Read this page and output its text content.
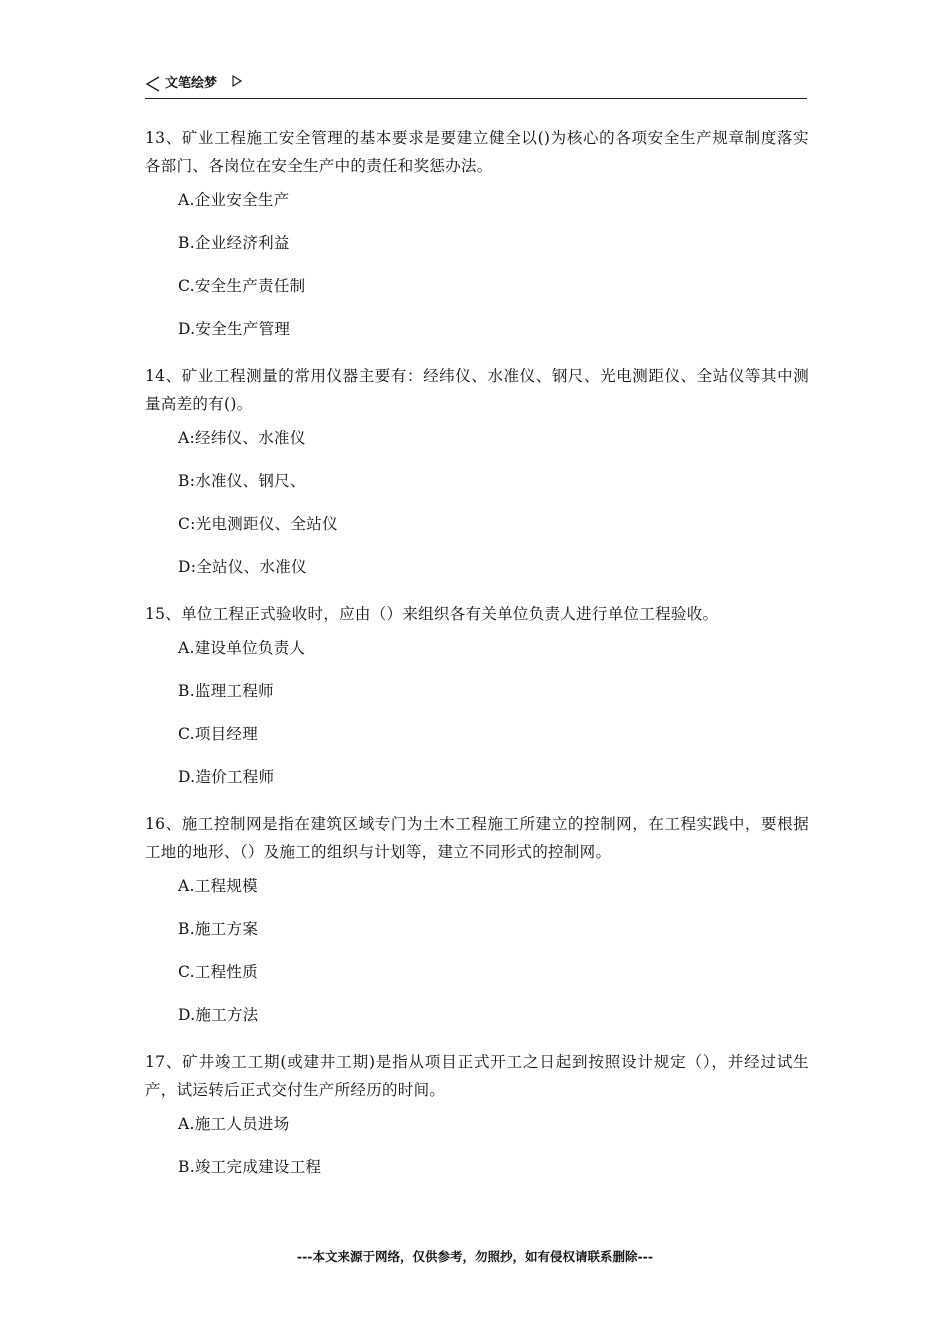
文笔绘梦

13、矿业工程施工安全管理的基本要求是要建立健全以()为核心的各项安全生产规章制度落实各部门、各岗位在安全生产中的责任和奖惩办法。

A.企业安全生产

B.企业经济利益

C.安全生产责任制

D.安全生产管理

14、矿业工程测量的常用仪器主要有：经纬仪、水准仪、钢尺、光电测距仪、全站仪等其中测量高差的有()。

A:经纬仪、水准仪

B:水准仪、钢尺、

C:光电测距仪、全站仪

D:全站仪、水准仪

15、单位工程正式验收时，应由（）来组织各有关单位负责人进行单位工程验收。

A.建设单位负责人

B.监理工程师

C.项目经理

D.造价工程师

16、施工控制网是指在建筑区域专门为土木工程施工所建立的控制网，在工程实践中，要根据工地的地形、（）及施工的组织与计划等，建立不同形式的控制网。

A.工程规模

B.施工方案

C.工程性质

D.施工方法

17、矿井竣工工期(或建井工期)是指从项目正式开工之日起到按照设计规定（），并经过试生产，试运转后正式交付生产所经历的时间。

A.施工人员进场

B.竣工完成建设工程

---本文来源于网络，仅供参考，勿照抄，如有侵权请联系删除---
